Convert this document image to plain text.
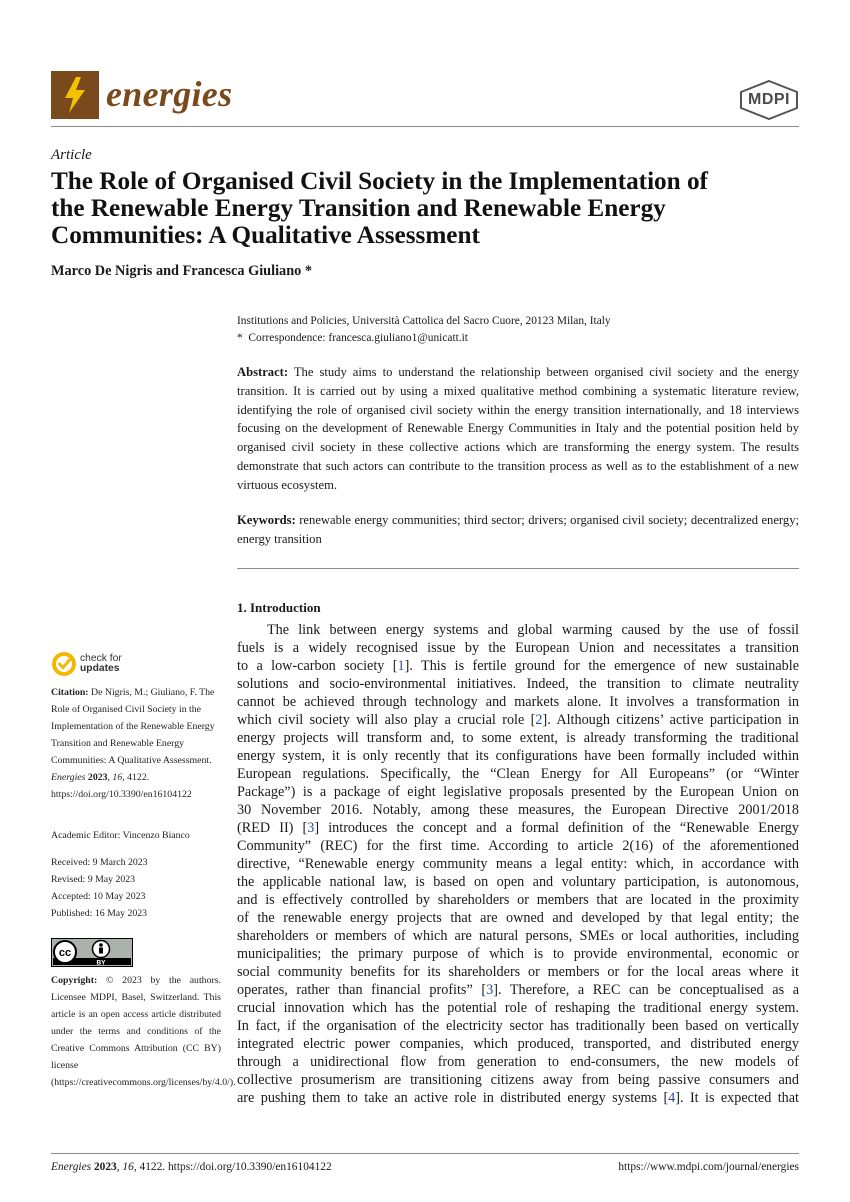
energies	MDPI
Article
The Role of Organised Civil Society in the Implementation of
the Renewable Energy Transition and Renewable Energy
Communities: A Qualitative Assessment
Marco De Nigris and Francesca Giuliano *
Institutions and Policies, Università Cattolica del Sacro Cuore, 20123 Milan, Italy
* Correspondence: francesca.giuliano1@unicatt.it
Abstract: The study aims to understand the relationship between organised civil society and the energy transition. It is carried out by using a mixed qualitative method combining a systematic literature review, identifying the role of organised civil society within the energy transition internationally, and 18 interviews focusing on the development of Renewable Energy Communities in Italy and the potential position held by organised civil society in these collective actions which are transforming the energy system. The results demonstrate that such actors can contribute to the transition process as well as to the establishment of a new virtuous ecosystem.
Keywords: renewable energy communities; third sector; drivers; organised civil society; decentralized energy; energy transition
1. Introduction
The link between energy systems and global warming caused by the use of fossil
fuels is a widely recognised issue by the European Union and necessitates a transition
to a low-carbon society [1]. This is fertile ground for the emergence of new sustainable
solutions and socio-environmental initiatives. Indeed, the transition to climate neutrality
cannot be achieved through technology and markets alone. It involves a transformation in
which civil society will also play a crucial role [2]. Although citizens’ active participation in
energy projects will transform and, to some extent, is already transforming the traditional
energy system, it is only recently that its configurations have been formally included within
European regulations. Specifically, the “Clean Energy for All Europeans” (or “Winter
Package”) is a package of eight legislative proposals presented by the European Union on
30 November 2016. Notably, among these measures, the European Directive 2001/2018
(RED II) [3] introduces the concept and a formal definition of the “Renewable Energy
Community” (REC) for the first time. According to article 2(16) of the aforementioned
directive, “Renewable energy community means a legal entity: which, in accordance with
the applicable national law, is based on open and voluntary participation, is autonomous,
and is effectively controlled by shareholders or members that are located in the proximity
of the renewable energy projects that are owned and developed by that legal entity; the
shareholders or members of which are natural persons, SMEs or local authorities, including
municipalities; the primary purpose of which is to provide environmental, economic or
social community benefits for its shareholders or members or for the local areas where it
operates, rather than financial profits” [3]. Therefore, a REC can be conceptualised as a
crucial innovation which has the potential role of reshaping the traditional energy system.
In fact, if the organisation of the electricity sector has traditionally been based on vertically
integrated electric power companies, which produced, transported, and distributed energy
through a unidirectional flow from generation to end-consumers, the new models of
collective prosumerism are transitioning citizens away from being passive consumers and
are pushing them to take an active role in distributed energy systems [4]. It is expected that
check for
updates
Citation: De Nigris, M.; Giuliano, F. The Role of Organised Civil Society in the Implementation of the Renewable Energy Transition and Renewable Energy Communities: A Qualitative Assessment. Energies 2023, 16, 4122. https://doi.org/10.3390/en16104122
Academic Editor: Vincenzo Bianco
Received: 9 March 2023
Revised: 9 May 2023
Accepted: 10 May 2023
Published: 16 May 2023
cc
BY
Copyright: © 2023 by the authors. Licensee MDPI, Basel, Switzerland. This article is an open access article distributed under the terms and conditions of the Creative Commons Attribution (CC BY) license (https://creativecommons.org/licenses/by/4.0/).
Energies 2023, 16, 4122. https://doi.org/10.3390/en16104122	https://www.mdpi.com/journal/energies
